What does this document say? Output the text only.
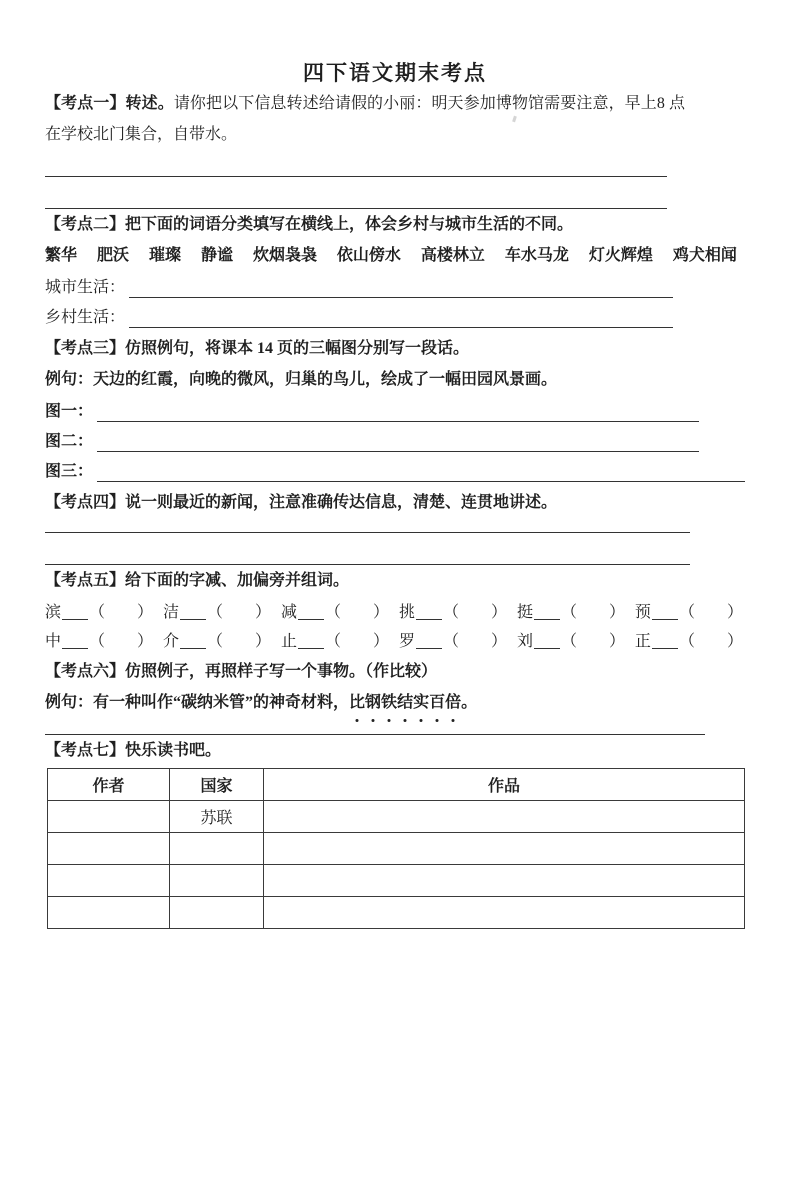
四下语文期末考点

【考点一】转述。请你把以下信息转述给请假的小丽：明天参加博物馆需要注意，早上8 点在学校北门集合，自带水。

【考点二】把下面的词语分类填写在横线上，体会乡村与城市生活的不同。

繁华 肥沃 璀璨 静谧 炊烟袅袅 依山傍水 高楼林立 车水马龙 灯火辉煌 鸡犬相闻
城市生活：
乡村生活：

【考点三】仿照例句，将课本 14 页的三幅图分别写一段话。

例句：天边的红霞，向晚的微风，归巢的鸟儿，绘成了一幅田园风景画。

图一：
图二：
图三：

【考点四】说一则最近的新闻，注意准确传达信息，清楚、连贯地讲述。

【考点五】给下面的字减、加偏旁并组词。

滨 （　　） 洁 （　　） 减 （　　） 挑 （　　） 挺 （　　） 预 （　　）
中 （　　） 介 （　　） 止 （　　） 罗 （　　） 刘 （　　） 正 （　　）

【考点六】仿照例子，再照样子写一个事物。（作比较）

例句：有一种叫作“碳纳米管”的神奇材料，比钢铁结实百倍。

【考点七】快乐读书吧。

作者	国家	作品
	苏联	
